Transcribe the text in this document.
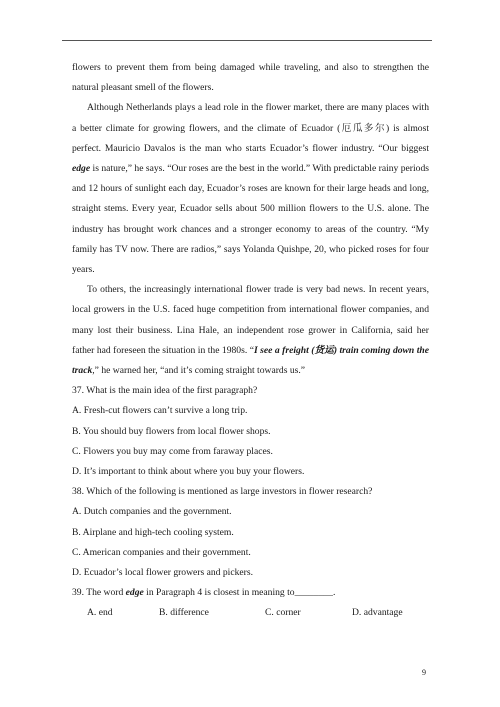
flowers to prevent them from being damaged while traveling, and also to strengthen the natural pleasant smell of the flowers.

Although Netherlands plays a lead role in the flower market, there are many places with a better climate for growing flowers, and the climate of Ecuador (厄瓜多尔) is almost perfect. Mauricio Davalos is the man who starts Ecuador’s flower industry. “Our biggest edge is nature,” he says. “Our roses are the best in the world.” With predictable rainy periods and 12 hours of sunlight each day, Ecuador’s roses are known for their large heads and long, straight stems. Every year, Ecuador sells about 500 million flowers to the U.S. alone. The industry has brought work chances and a stronger economy to areas of the country. “My family has TV now. There are radios,” says Yolanda Quishpe, 20, who picked roses for four years.

To others, the increasingly international flower trade is very bad news. In recent years, local growers in the U.S. faced huge competition from international flower companies, and many lost their business. Lina Hale, an independent rose grower in California, said her father had foreseen the situation in the 1980s. “I see a freight (货运) train coming down the track,” he warned her, “and it’s coming straight towards us.”

37. What is the main idea of the first paragraph?

A. Fresh-cut flowers can’t survive a long trip.

B. You should buy flowers from local flower shops.

C. Flowers you buy may come from faraway places.

D. It’s important to think about where you buy your flowers.

38. Which of the following is mentioned as large investors in flower research?

A. Dutch companies and the government.

B. Airplane and high-tech cooling system.

C. American companies and their government.

D. Ecuador’s local flower growers and pickers.

39. The word edge in Paragraph 4 is closest in meaning to________.

A. end	B. difference	C. corner	D. advantage
9
